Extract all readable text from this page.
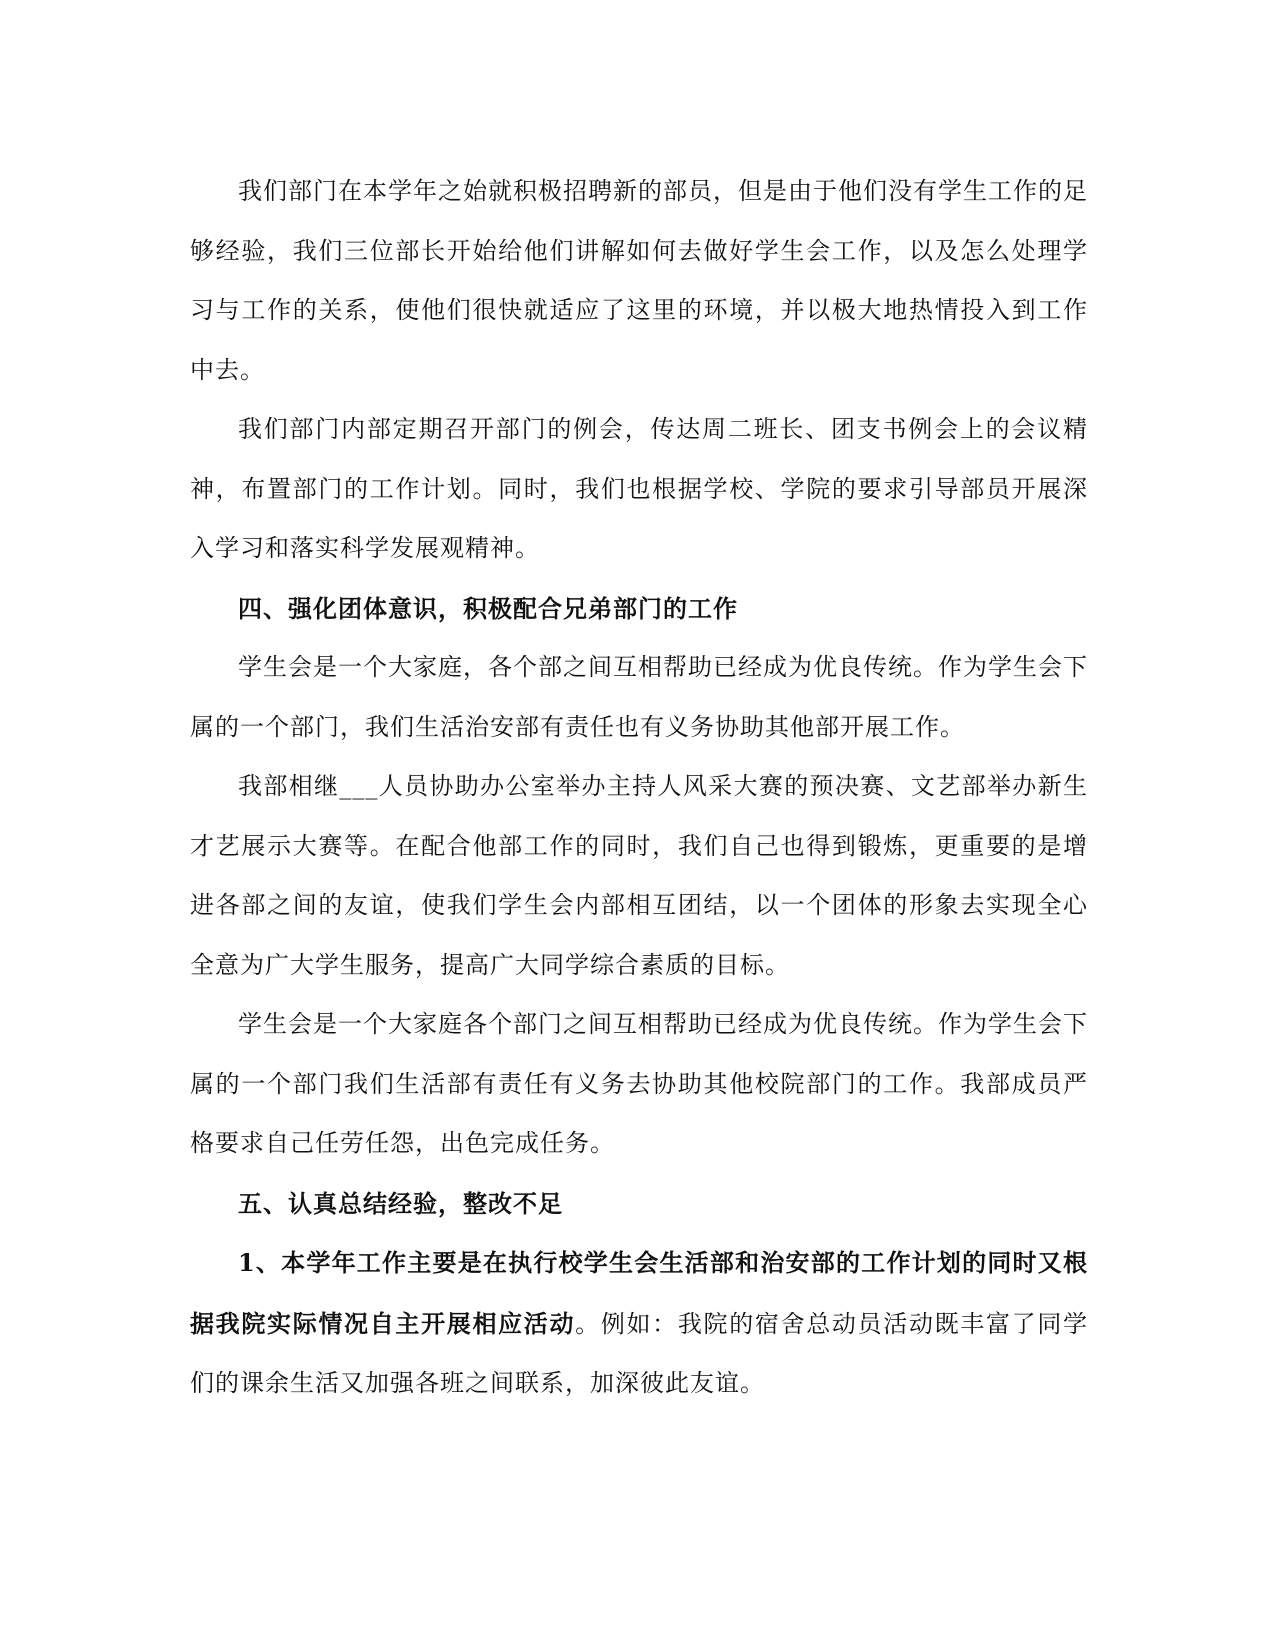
我们部门在本学年之始就积极招聘新的部员，但是由于他们没有学生工作的足够经验，我们三位部长开始给他们讲解如何去做好学生会工作，以及怎么处理学习与工作的关系，使他们很快就适应了这里的环境，并以极大地热情投入到工作中去。

我们部门内部定期召开部门的例会，传达周二班长、团支书例会上的会议精神，布置部门的工作计划。同时，我们也根据学校、学院的要求引导部员开展深入学习和落实科学发展观精神。

四、强化团体意识，积极配合兄弟部门的工作

学生会是一个大家庭，各个部之间互相帮助已经成为优良传统。作为学生会下属的一个部门，我们生活治安部有责任也有义务协助其他部开展工作。

我部相继___人员协助办公室举办主持人风采大赛的预决赛、文艺部举办新生才艺展示大赛等。在配合他部工作的同时，我们自己也得到锻炼，更重要的是增进各部之间的友谊，使我们学生会内部相互团结，以一个团体的形象去实现全心全意为广大学生服务，提高广大同学综合素质的目标。

学生会是一个大家庭各个部门之间互相帮助已经成为优良传统。作为学生会下属的一个部门我们生活部有责任有义务去协助其他校院部门的工作。我部成员严格要求自己任劳任怨，出色完成任务。

五、认真总结经验，整改不足

1、本学年工作主要是在执行校学生会生活部和治安部的工作计划的同时又根据我院实际情况自主开展相应活动。例如：我院的宿舍总动员活动既丰富了同学们的课余生活又加强各班之间联系，加深彼此友谊。
